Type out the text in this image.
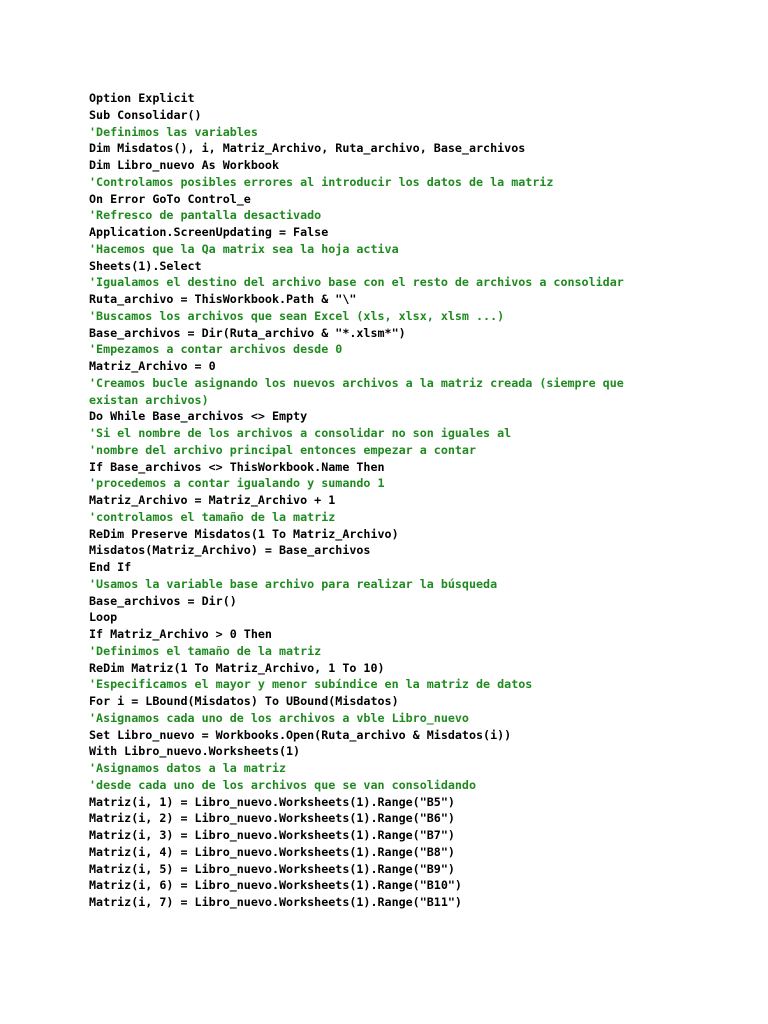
Option Explicit
Sub Consolidar()
'Definimos las variables
Dim Misdatos(), i, Matriz_Archivo, Ruta_archivo, Base_archivos
Dim Libro_nuevo As Workbook
'Controlamos posibles errores al introducir los datos de la matriz
On Error GoTo Control_e
'Refresco de pantalla desactivado
Application.ScreenUpdating = False
'Hacemos que la Qa matrix sea la hoja activa
Sheets(1).Select
'Igualamos el destino del archivo base con el resto de archivos a consolidar
Ruta_archivo = ThisWorkbook.Path & "\"
'Buscamos los archivos que sean Excel (xls, xlsx, xlsm ...)
Base_archivos = Dir(Ruta_archivo & "*.xlsm*")
'Empezamos a contar archivos desde 0
Matriz_Archivo = 0
'Creamos bucle asignando los nuevos archivos a la matriz creada (siempre que
existan archivos)
Do While Base_archivos <> Empty
'Si el nombre de los archivos a consolidar no son iguales al
'nombre del archivo principal entonces empezar a contar
If Base_archivos <> ThisWorkbook.Name Then
'procedemos a contar igualando y sumando 1
Matriz_Archivo = Matriz_Archivo + 1
'controlamos el tamaño de la matriz
ReDim Preserve Misdatos(1 To Matriz_Archivo)
Misdatos(Matriz_Archivo) = Base_archivos
End If
'Usamos la variable base archivo para realizar la búsqueda
Base_archivos = Dir()
Loop
If Matriz_Archivo > 0 Then
'Definimos el tamaño de la matriz
ReDim Matriz(1 To Matriz_Archivo, 1 To 10)
'Especificamos el mayor y menor subíndice en la matriz de datos
For i = LBound(Misdatos) To UBound(Misdatos)
'Asignamos cada uno de los archivos a vble Libro_nuevo
Set Libro_nuevo = Workbooks.Open(Ruta_archivo & Misdatos(i))
With Libro_nuevo.Worksheets(1)
'Asignamos datos a la matriz
'desde cada uno de los archivos que se van consolidando
Matriz(i, 1) = Libro_nuevo.Worksheets(1).Range("B5")
Matriz(i, 2) = Libro_nuevo.Worksheets(1).Range("B6")
Matriz(i, 3) = Libro_nuevo.Worksheets(1).Range("B7")
Matriz(i, 4) = Libro_nuevo.Worksheets(1).Range("B8")
Matriz(i, 5) = Libro_nuevo.Worksheets(1).Range("B9")
Matriz(i, 6) = Libro_nuevo.Worksheets(1).Range("B10")
Matriz(i, 7) = Libro_nuevo.Worksheets(1).Range("B11")
